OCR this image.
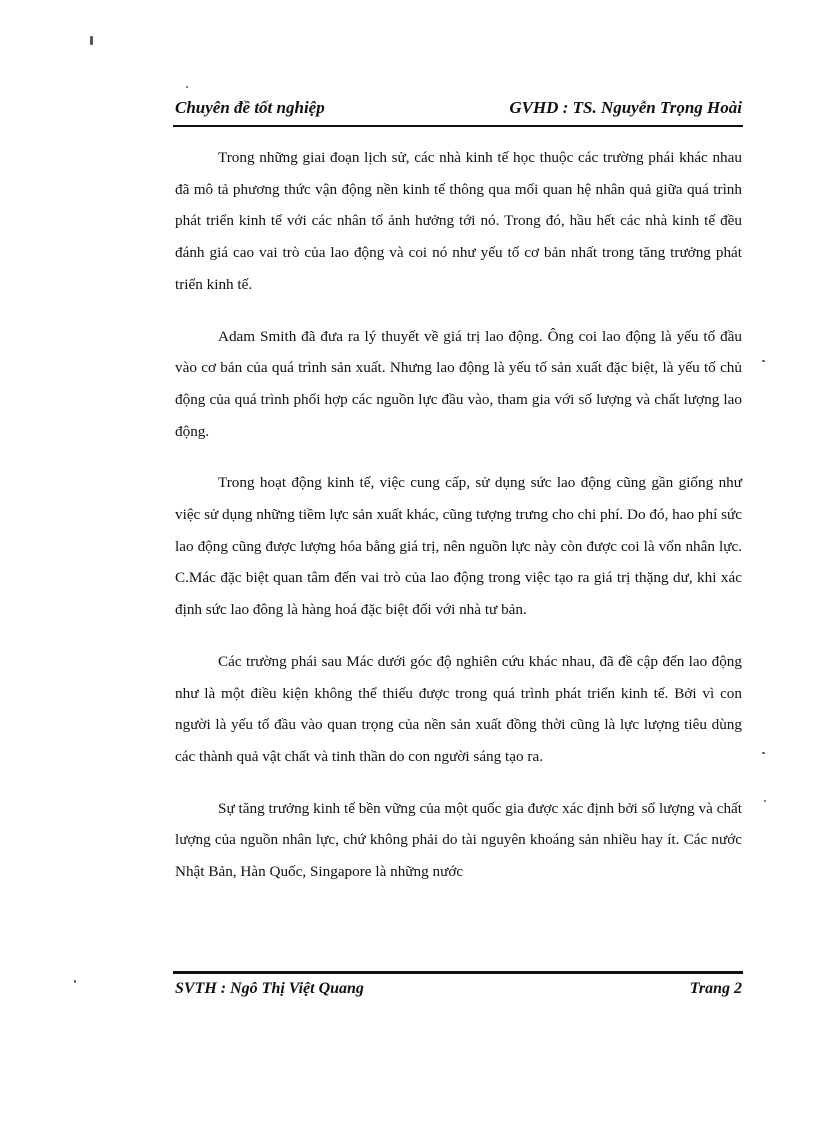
Chuyên đề tốt nghiệp	GVHD : TS. Nguyễn Trọng Hoài

Trong những giai đoạn lịch sử, các nhà kinh tế học thuộc các trường phái khác nhau đã mô tả phương thức vận động nền kinh tế thông qua mối quan hệ nhân quả giữa quá trình phát triển kinh tế với các nhân tố ảnh hưởng tới nó. Trong đó, hầu hết các nhà kinh tế đều đánh giá cao vai trò của lao động và coi nó như yếu tố cơ bản nhất trong tăng trưởng phát triển kinh tế.

Adam Smith đã đưa ra lý thuyết về giá trị lao động. Ông coi lao động là yếu tố đầu vào cơ bản của quá trình sản xuất. Nhưng lao động là yếu tố sản xuất đặc biệt, là yếu tố chủ động của quá trình phối hợp các nguồn lực đầu vào, tham gia với số lượng và chất lượng lao động.

Trong hoạt động kinh tế, việc cung cấp, sử dụng sức lao động cũng gần giống như việc sử dụng những tiềm lực sản xuất khác, cũng tượng trưng cho chi phí. Do đó, hao phí sức lao động cũng được lượng hóa bằng giá trị, nên nguồn lực này còn được coi là vốn nhân lực. C.Mác đặc biệt quan tâm đến vai trò của lao động trong việc tạo ra giá trị thặng dư, khi xác định sức lao đông là hàng hoá đặc biệt đối với nhà tư bản.

Các trường phái sau Mác dưới góc độ nghiên cứu khác nhau, đã đề cập đến lao động như là một điều kiện không thể thiếu được trong quá trình phát triển kinh tế. Bởi vì con người là yếu tố đầu vào quan trọng của nền sản xuất đồng thời cũng là lực lượng tiêu dùng các thành quả vật chất và tinh thần do con người sáng tạo ra.

Sự tăng trưởng kinh tế bền vững của một quốc gia được xác định bởi số lượng và chất lượng của nguồn nhân lực, chứ không phải do tài nguyên khoáng sản nhiều hay ít. Các nước Nhật Bản, Hàn Quốc, Singapore là những nước

SVTH : Ngô Thị Việt Quang	Trang 2
